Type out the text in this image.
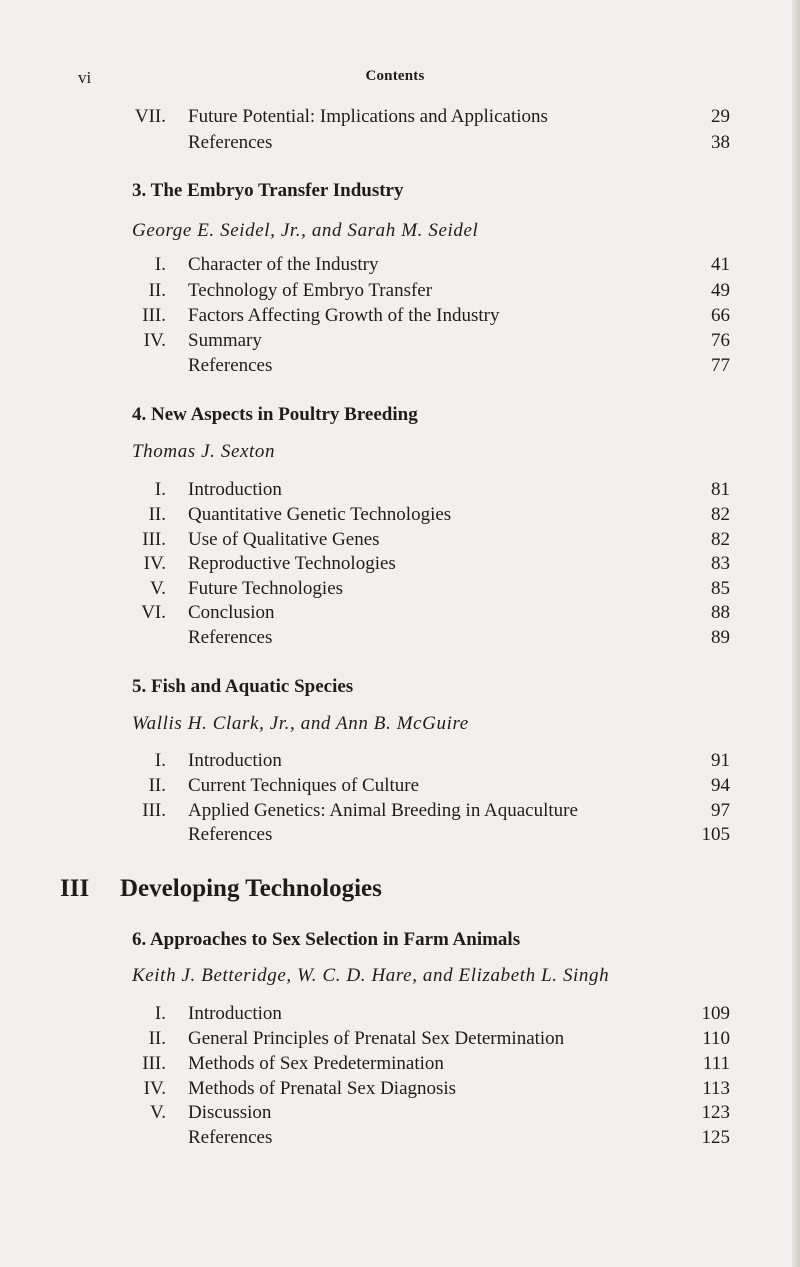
vi	Contents
VII. Future Potential: Implications and Applications	29
References	38
3. The Embryo Transfer Industry
George E. Seidel, Jr., and Sarah M. Seidel
I. Character of the Industry	41
II. Technology of Embryo Transfer	49
III. Factors Affecting Growth of the Industry	66
IV. Summary	76
References	77
4. New Aspects in Poultry Breeding
Thomas J. Sexton
I. Introduction	81
II. Quantitative Genetic Technologies	82
III. Use of Qualitative Genes	82
IV. Reproductive Technologies	83
V. Future Technologies	85
VI. Conclusion	88
References	89
5. Fish and Aquatic Species
Wallis H. Clark, Jr., and Ann B. McGuire
I. Introduction	91
II. Current Techniques of Culture	94
III. Applied Genetics: Animal Breeding in Aquaculture	97
References	105
III Developing Technologies
6. Approaches to Sex Selection in Farm Animals
Keith J. Betteridge, W. C. D. Hare, and Elizabeth L. Singh
I. Introduction	109
II. General Principles of Prenatal Sex Determination	110
III. Methods of Sex Predetermination	111
IV. Methods of Prenatal Sex Diagnosis	113
V. Discussion	123
References	125
